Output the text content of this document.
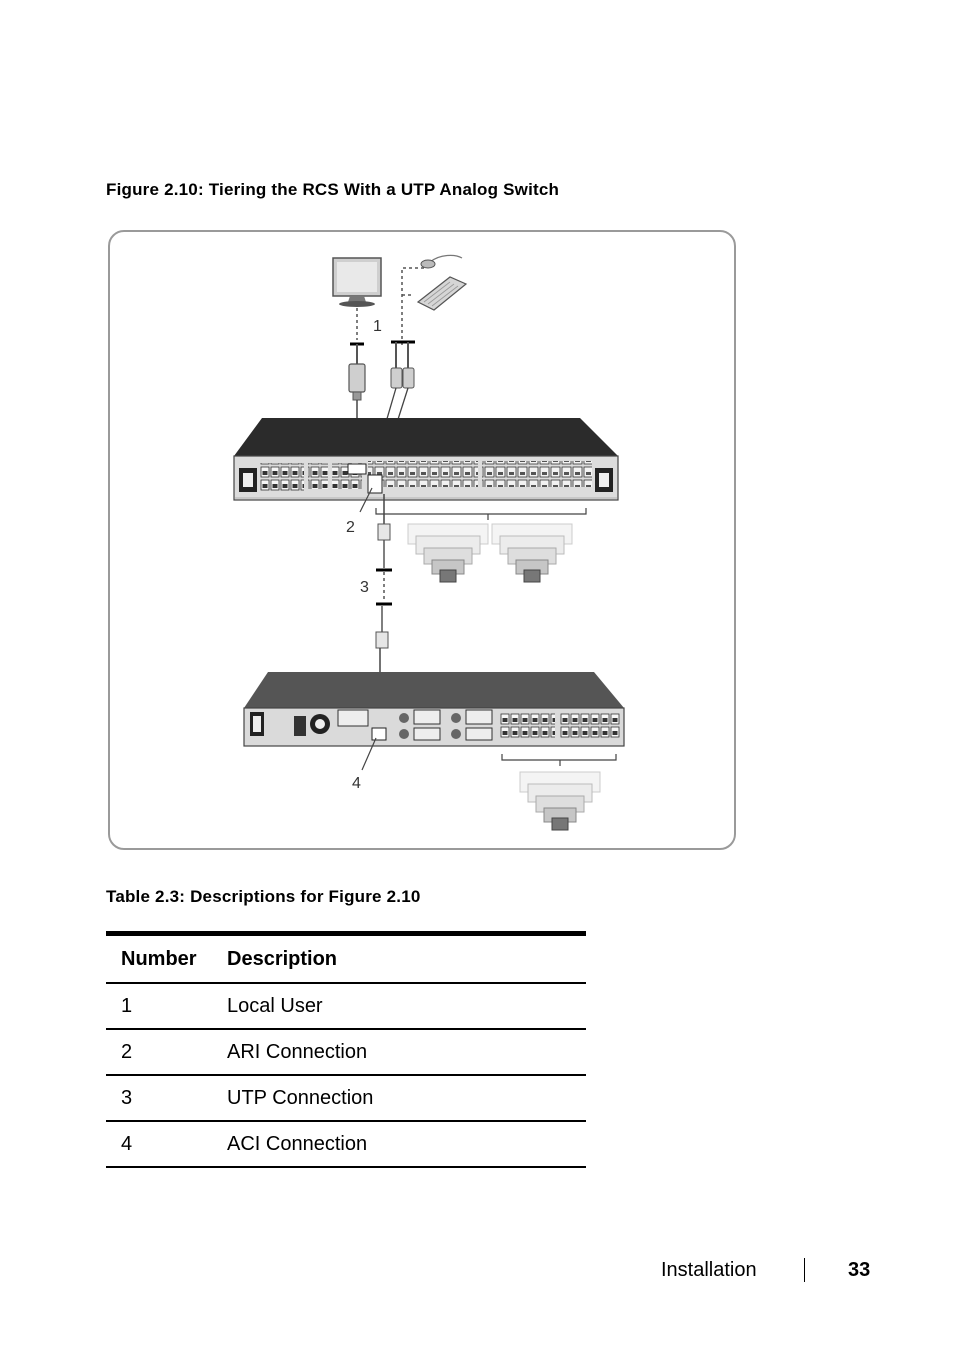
Figure 2.10: Tiering the RCS With a UTP Analog Switch
1
2
3
4
Table 2.3: Descriptions for Figure 2.10
Number	Description
1	Local User
2	ARI Connection
3	UTP Connection
4	ACI Connection
Installation	33
